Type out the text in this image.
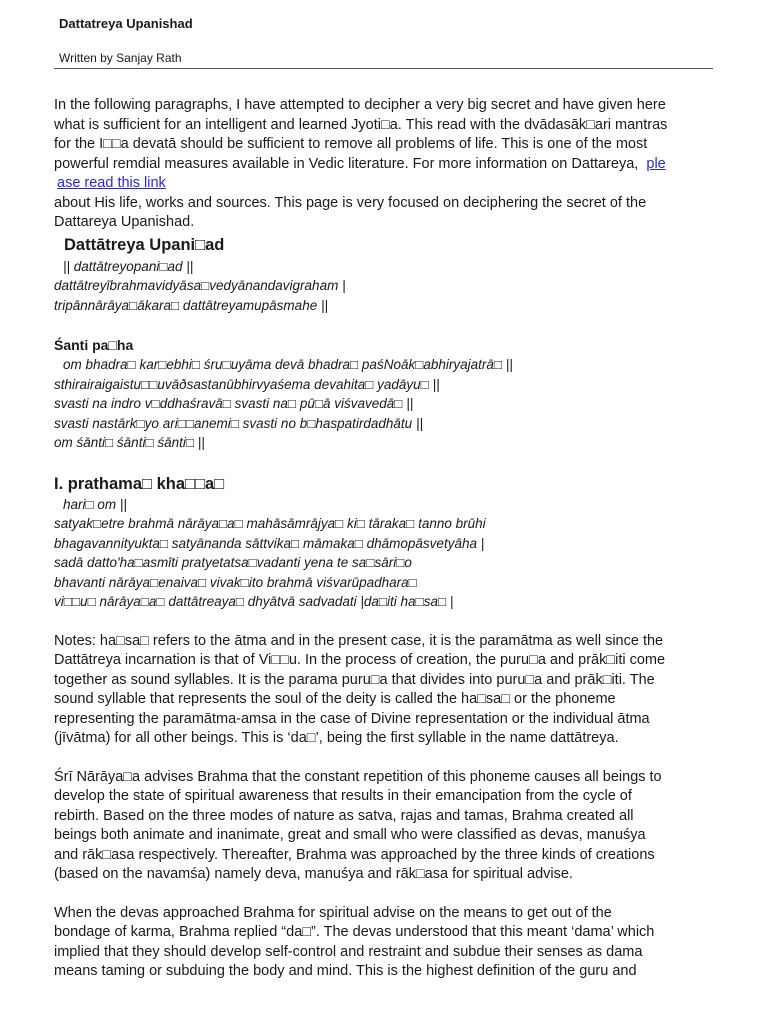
Dattatreya Upanishad
Written by Sanjay Rath
In the following paragraphs, I have attempted to decipher a very big secret and have given here
what is sufficient for an intelligent and learned Jyoti□a. This read with the dvādasāk□ari mantras
for the I□□a devatā should be sufficient to remove all problems of life. This is one of the most
powerful remdial measures available in Vedic literature. For more information on Dattareya, ple
ase read this link
about His life, works and sources. This page is very focused on deciphering the secret of the
Dattareya Upanishad.
Dattātreya Upani□ad
|| dattātreyopani□ad ||
dattātreyībrahmavidyāsa□vedyānandavigraham |
tripānnārāya□ākara□ dattātreyamupāsmahe ||
Śanti pa□ha
om bhadra□ kar□ebhi□ śru□uyāma devā bhadra□ paśNoāk□abhiryajatrā□ ||
sthirairaigaistu□□uvāðsastanūbhirvyaśema devahita□ yadāyu□ ||
svasti na indro v□ddhaśravā□ svasti na□ pū□ā viśvavedā□ ||
svasti nastārk□yo ari□□anemi□ svasti no b□haspatirdadhātu ||
om śānti□ śānti□ śānti□ ||
I. prathama□ kha□□a□
hari□ om ||
satyak□etre brahmā nārāya□a□ mahāsāmrājya□ ki□ tāraka□ tanno brūhi
bhagavannityukta□ satyānanda sāttvika□ māmaka□ dhāmopāsvetyāha |
sadā datto'ha□asmīti pratyetatsa□vadanti yena te sa□sāri□o
bhavanti nārāya□enaiva□ vivak□ito brahmā viśvarūpadhara□
vi□□u□ nārāya□a□ dattātreaya□ dhyātvā sadvadati |da□iti ha□sa□ |
Notes: ha□sa□ refers to the ātma and in the present case, it is the paramātma as well since the
Dattātreya incarnation is that of Vi□□u. In the process of creation, the puru□a and prāk□iti come
together as sound syllables. It is the parama puru□a that divides into puru□a and prāk□iti. The
sound syllable that represents the soul of the deity is called the ha□sa□ or the phoneme
representing the paramātma-amsa in the case of Divine representation or the individual ātma
(jīvātma) for all other beings. This is ‘da□’, being the first syllable in the name dattātreya.
Śrī Nārāya□a advises Brahma that the constant repetition of this phoneme causes all beings to
develop the state of spiritual awareness that results in their emancipation from the cycle of
rebirth. Based on the three modes of nature as satva, rajas and tamas, Brahma created all
beings both animate and inanimate, great and small who were classified as devas, manuśya
and rāk□asa respectively. Thereafter, Brahma was approached by the three kinds of creations
(based on the navamśa) namely deva, manuśya and rāk□asa for spiritual advise.
When the devas approached Brahma for spiritual advise on the means to get out of the
bondage of karma, Brahma replied “da□”. The devas understood that this meant ‘dama’ which
implied that they should develop self-control and restraint and subdue their senses as dama
means taming or subduing the body and mind. This is the highest definition of the guru and
